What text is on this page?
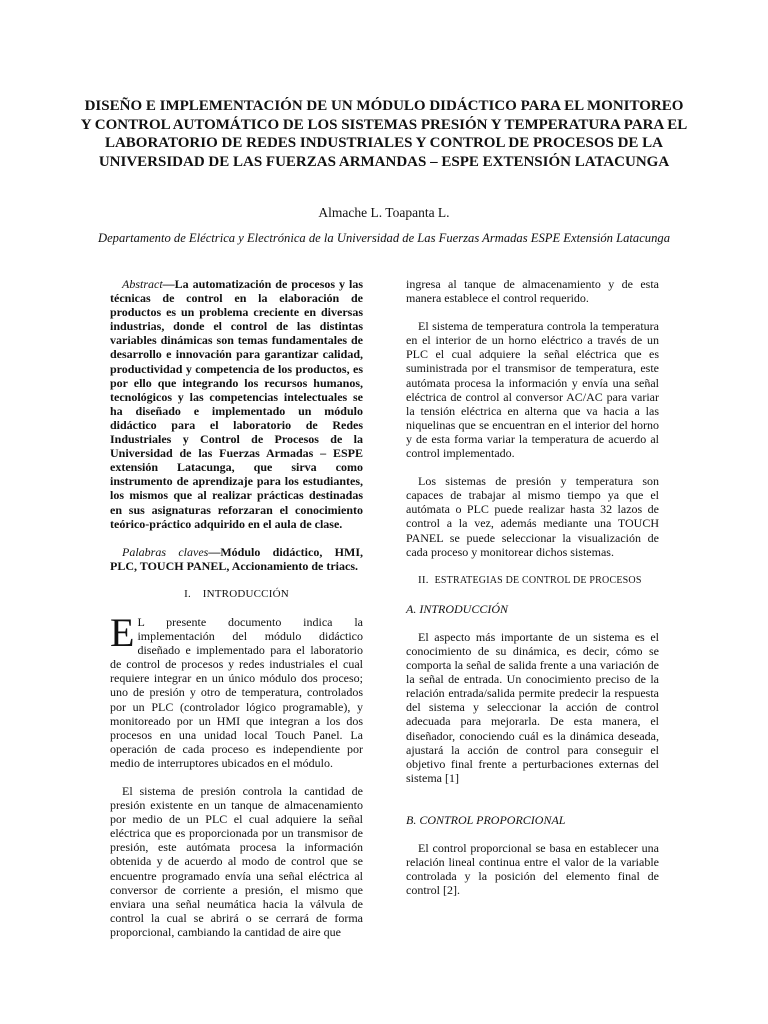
DISEÑO E IMPLEMENTACIÓN DE UN MÓDULO DIDÁCTICO PARA EL MONITOREO Y CONTROL AUTOMÁTICO DE LOS SISTEMAS PRESIÓN Y TEMPERATURA PARA EL LABORATORIO DE REDES INDUSTRIALES Y CONTROL DE PROCESOS DE LA UNIVERSIDAD DE LAS FUERZAS ARMANDAS – ESPE EXTENSIÓN LATACUNGA

Almache L. Toapanta L.

Departamento de Eléctrica y Electrónica de la Universidad de Las Fuerzas Armadas ESPE Extensión Latacunga

Abstract—La automatización de procesos y las técnicas de control en la elaboración de productos es un problema creciente en diversas industrias, donde el control de las distintas variables dinámicas son temas fundamentales de desarrollo e innovación para garantizar calidad, productividad y competencia de los productos, es por ello que integrando los recursos humanos, tecnológicos y las competencias intelectuales se ha diseñado e implementado un módulo didáctico para el laboratorio de Redes Industriales y Control de Procesos de la Universidad de las Fuerzas Armadas – ESPE extensión Latacunga, que sirva como instrumento de aprendizaje para los estudiantes, los mismos que al realizar prácticas destinadas en sus asignaturas reforzaran el conocimiento teórico-práctico adquirido en el aula de clase.

Palabras claves—Módulo didáctico, HMI, PLC, TOUCH PANEL, Accionamiento de triacs.

I. INTRODUCCIÓN

E L presente documento indica la implementación del módulo didáctico diseñado e implementado para el laboratorio de control de procesos y redes industriales el cual requiere integrar en un único módulo dos proceso; uno de presión y otro de temperatura, controlados por un PLC (controlador lógico programable), y monitoreado por un HMI que integran a los dos procesos en una unidad local Touch Panel. La operación de cada proceso es independiente por medio de interruptores ubicados en el módulo.

El sistema de presión controla la cantidad de presión existente en un tanque de almacenamiento por medio de un PLC el cual adquiere la señal eléctrica que es proporcionada por un transmisor de presión, este autómata procesa la información obtenida y de acuerdo al modo de control que se encuentre programado envía una señal eléctrica al conversor de corriente a presión, el mismo que enviara una señal neumática hacia la válvula de control la cual se abrirá o se cerrará de forma proporcional, cambiando la cantidad de aire que

ingresa al tanque de almacenamiento y de esta manera establece el control requerido.

El sistema de temperatura controla la temperatura en el interior de un horno eléctrico a través de un PLC el cual adquiere la señal eléctrica que es suministrada por el transmisor de temperatura, este autómata procesa la información y envía una señal eléctrica de control al conversor AC/AC para variar la tensión eléctrica en alterna que va hacia a las niquelinas que se encuentran en el interior del horno y de esta forma variar la temperatura de acuerdo al control implementado.

Los sistemas de presión y temperatura son capaces de trabajar al mismo tiempo ya que el autómata o PLC puede realizar hasta 32 lazos de control a la vez, además mediante una TOUCH PANEL se puede seleccionar la visualización de cada proceso y monitorear dichos sistemas.

II. ESTRATEGIAS DE CONTROL DE PROCESOS

A. INTRODUCCIÓN

El aspecto más importante de un sistema es el conocimiento de su dinámica, es decir, cómo se comporta la señal de salida frente a una variación de la señal de entrada. Un conocimiento preciso de la relación entrada/salida permite predecir la respuesta del sistema y seleccionar la acción de control adecuada para mejorarla. De esta manera, el diseñador, conociendo cuál es la dinámica deseada, ajustará la acción de control para conseguir el objetivo final frente a perturbaciones externas del sistema [1]

B. CONTROL PROPORCIONAL

El control proporcional se basa en establecer una relación lineal continua entre el valor de la variable controlada y la posición del elemento final de control [2].
